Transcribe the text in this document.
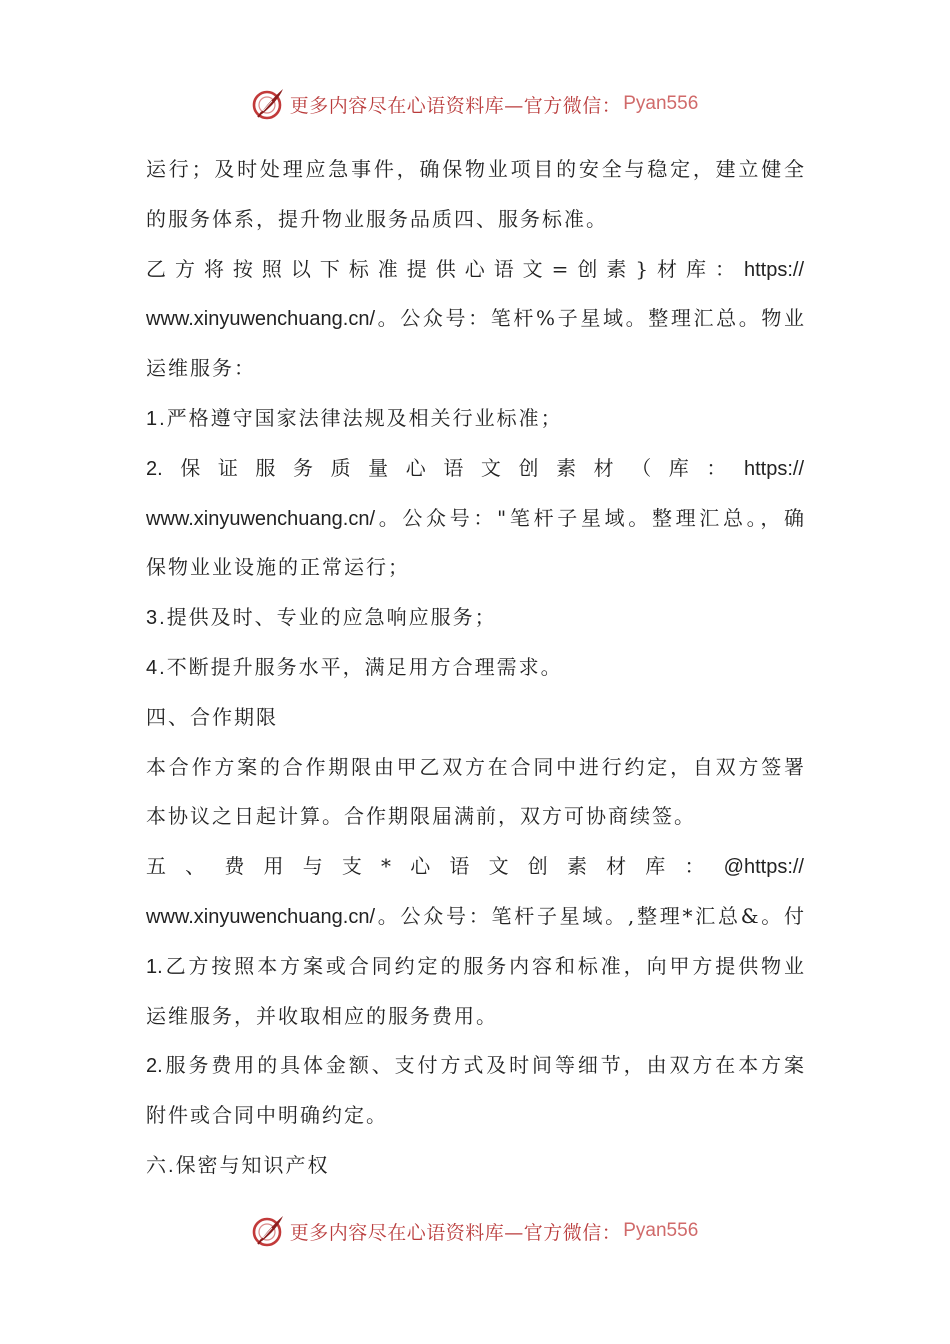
更多内容尽在心语资料库—官方微信： Pyan556
运行；及时处理应急事件，确保物业项目的安全与稳定，建立健全
的服务体系，提升物业服务品质四、服务标准。
乙方将按照以下标准提供心语文=创素}材库：https://
www.xinyuwenchuang.cn/。公众号：笔杆%子星域。整理汇总。物业
运维服务：
1.严格遵守国家法律法规及相关行业标准；
2.保证服务质量心语文创素材（库：https://
www.xinyuwenchuang.cn/。公众号："笔杆子星域。整理汇总。，确
保物业业设施的正常运行；
3.提供及时、专业的应急响应服务；
4.不断提升服务水平，满足用方合理需求。
四、合作期限
本合作方案的合作期限由甲乙双方在合同中进行约定，自双方签署
本协议之日起计算。合作期限届满前，双方可协商续签。
五、费用与支*心语文创素材库：@https://
www.xinyuwenchuang.cn/。公众号：笔杆子星域。,整理*汇总&。付
1.乙方按照本方案或合同约定的服务内容和标准，向甲方提供物业
运维服务，并收取相应的服务费用。
2.服务费用的具体金额、支付方式及时间等细节，由双方在本方案
附件或合同中明确约定。
六.保密与知识产权
更多内容尽在心语资料库—官方微信： Pyan556
